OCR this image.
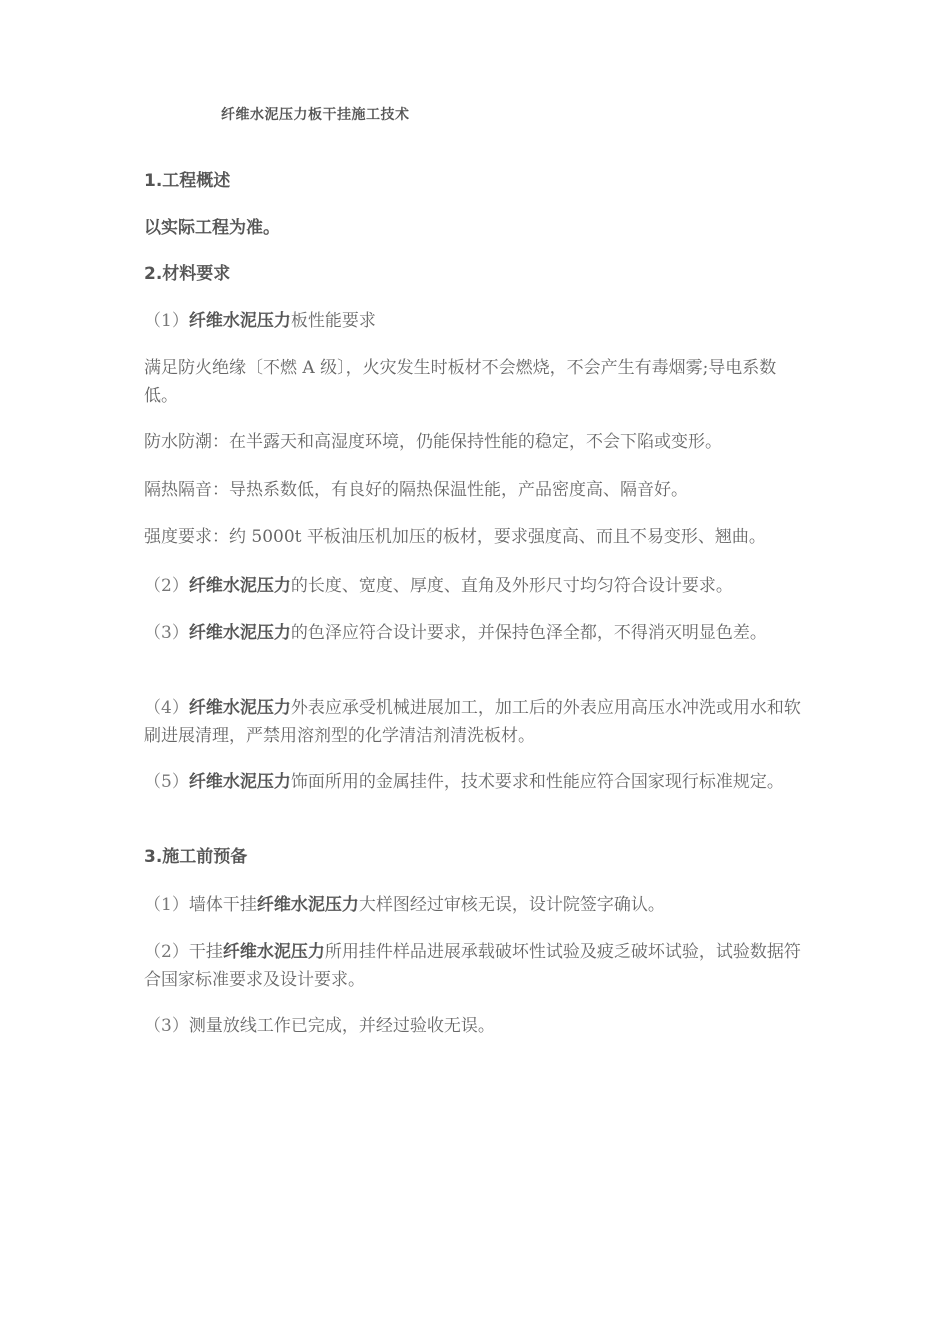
纤维水泥压力板干挂施工技术
1.工程概述
以实际工程为准。
2.材料要求
（1）纤维水泥压力板性能要求
满足防火绝缘〔不燃 A 级〕，火灾发生时板材不会燃烧，不会产生有毒烟雾;导电系数低。
防水防潮：在半露天和高湿度环境，仍能保持性能的稳定，不会下陷或变形。
隔热隔音：导热系数低，有良好的隔热保温性能，产品密度高、隔音好。
强度要求：约 5000t 平板油压机加压的板材，要求强度高、而且不易变形、翘曲。
（2）纤维水泥压力的长度、宽度、厚度、直角及外形尺寸均匀符合设计要求。
（3）纤维水泥压力的色泽应符合设计要求，并保持色泽全都，不得消灭明显色差。
（4）纤维水泥压力外表应承受机械进展加工，加工后的外表应用高压水冲洗或用水和软刷进展清理，严禁用溶剂型的化学清洁剂清洗板材。
（5）纤维水泥压力饰面所用的金属挂件，技术要求和性能应符合国家现行标准规定。
3.施工前预备
（1）墙体干挂纤维水泥压力大样图经过审核无误，设计院签字确认。
（2）干挂纤维水泥压力所用挂件样品进展承载破坏性试验及疲乏破坏试验，试验数据符合国家标准要求及设计要求。
（3）测量放线工作已完成，并经过验收无误。
